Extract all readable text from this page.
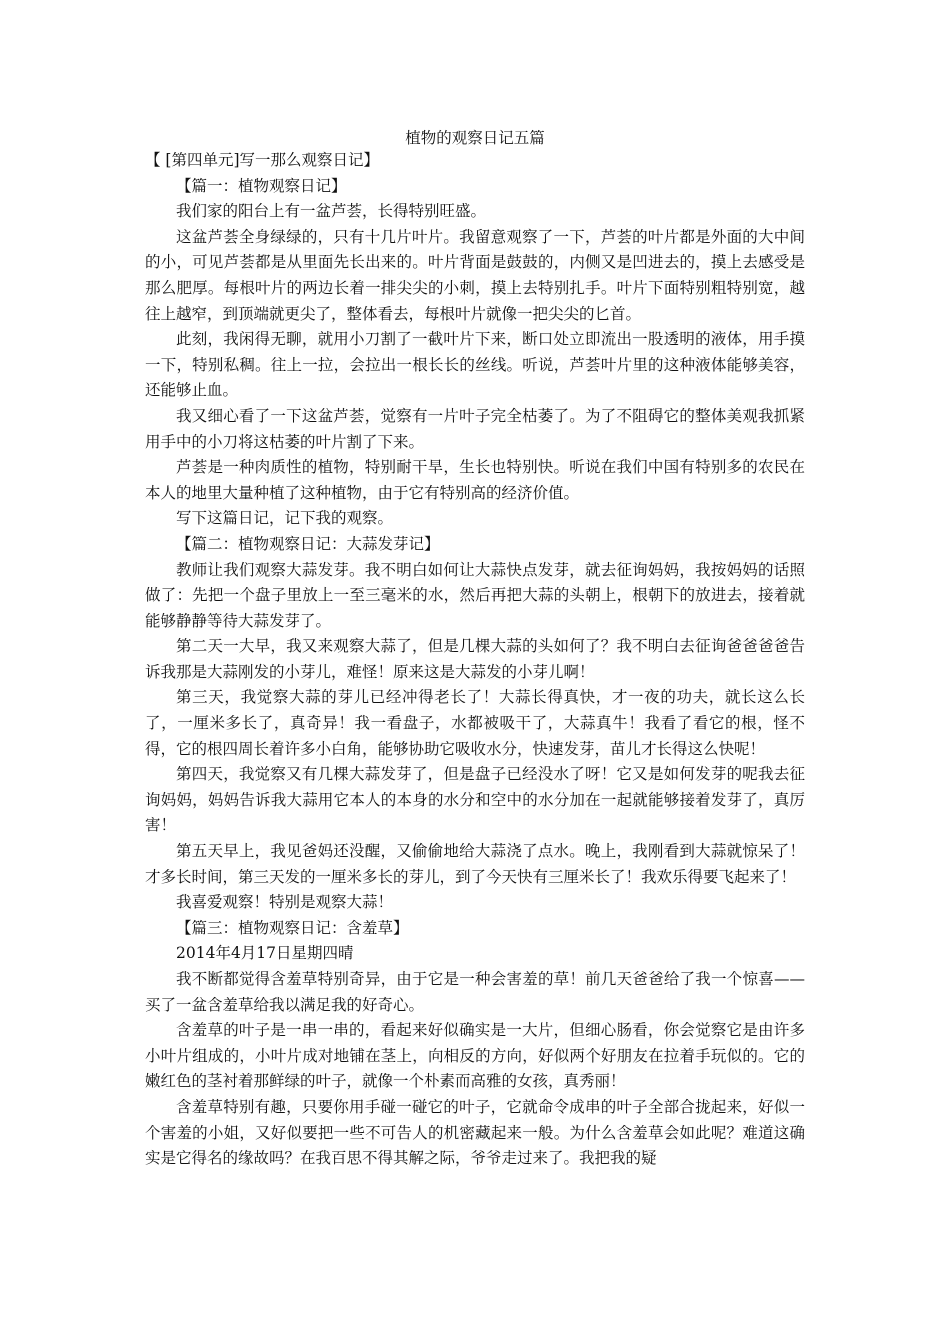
植物的观察日记五篇

【 [第四单元]写一那么观察日记】

【篇一：植物观察日记】

我们家的阳台上有一盆芦荟，长得特别旺盛。

这盆芦荟全身绿绿的，只有十几片叶片。我留意观察了一下，芦荟的叶片都是外面的大中间的小，可见芦荟都是从里面先长出来的。叶片背面是鼓鼓的，内侧又是凹进去的，摸上去感受是那么肥厚。每根叶片的两边长着一排尖尖的小刺，摸上去特别扎手。叶片下面特别粗特别宽，越往上越窄，到顶端就更尖了，整体看去，每根叶片就像一把尖尖的匕首。

此刻，我闲得无聊，就用小刀割了一截叶片下来，断口处立即流出一股透明的液体，用手摸一下，特别私稠。往上一拉，会拉出一根长长的丝线。听说，芦荟叶片里的这种液体能够美容，还能够止血。

我又细心看了一下这盆芦荟，觉察有一片叶子完全枯萎了。为了不阻碍它的整体美观我抓紧用手中的小刀将这枯萎的叶片割了下来。

芦荟是一种肉质性的植物，特别耐干旱，生长也特别快。听说在我们中国有特别多的农民在本人的地里大量种植了这种植物，由于它有特别高的经济价值。

写下这篇日记，记下我的观察。

【篇二：植物观察日记：大蒜发芽记】

教师让我们观察大蒜发芽。我不明白如何让大蒜快点发芽，就去征询妈妈，我按妈妈的话照做了：先把一个盘子里放上一至三毫米的水，然后再把大蒜的头朝上，根朝下的放进去，接着就能够静静等待大蒜发芽了。

第二天一大早，我又来观察大蒜了，但是几棵大蒜的头如何了？我不明白去征询爸爸爸爸告诉我那是大蒜刚发的小芽儿，难怪！原来这是大蒜发的小芽儿啊！

第三天，我觉察大蒜的芽儿已经冲得老长了！大蒜长得真快，才一夜的功夫，就长这么长了，一厘米多长了，真奇异！我一看盘子，水都被吸干了，大蒜真牛！我看了看它的根，怪不得，它的根四周长着许多小白角，能够协助它吸收水分，快速发芽，苗儿才长得这么快呢！

第四天，我觉察又有几棵大蒜发芽了，但是盘子已经没水了呀！它又是如何发芽的呢我去征询妈妈，妈妈告诉我大蒜用它本人的本身的水分和空中的水分加在一起就能够接着发芽了，真厉害！

第五天早上，我见爸妈还没醒，又偷偷地给大蒜浇了点水。晚上，我刚看到大蒜就惊呆了！才多长时间，第三天发的一厘米多长的芽儿，到了今天快有三厘米长了！我欢乐得要飞起来了！

我喜爱观察！特别是观察大蒜！

【篇三：植物观察日记：含羞草】

2014年4月17日星期四晴

我不断都觉得含羞草特别奇异，由于它是一种会害羞的草！前几天爸爸给了我一个惊喜——买了一盆含羞草给我以满足我的好奇心。

含羞草的叶子是一串一串的，看起来好似确实是一大片，但细心肠看，你会觉察它是由许多小叶片组成的，小叶片成对地铺在茎上，向相反的方向，好似两个好朋友在拉着手玩似的。它的嫩红色的茎衬着那鲜绿的叶子，就像一个朴素而高雅的女孩，真秀丽！

含羞草特别有趣，只要你用手碰一碰它的叶子，它就命令成串的叶子全部合拢起来，好似一个害羞的小姐，又好似要把一些不可告人的机密藏起来一般。为什么含羞草会如此呢？难道这确实是它得名的缘故吗？在我百思不得其解之际，爷爷走过来了。我把我的疑
